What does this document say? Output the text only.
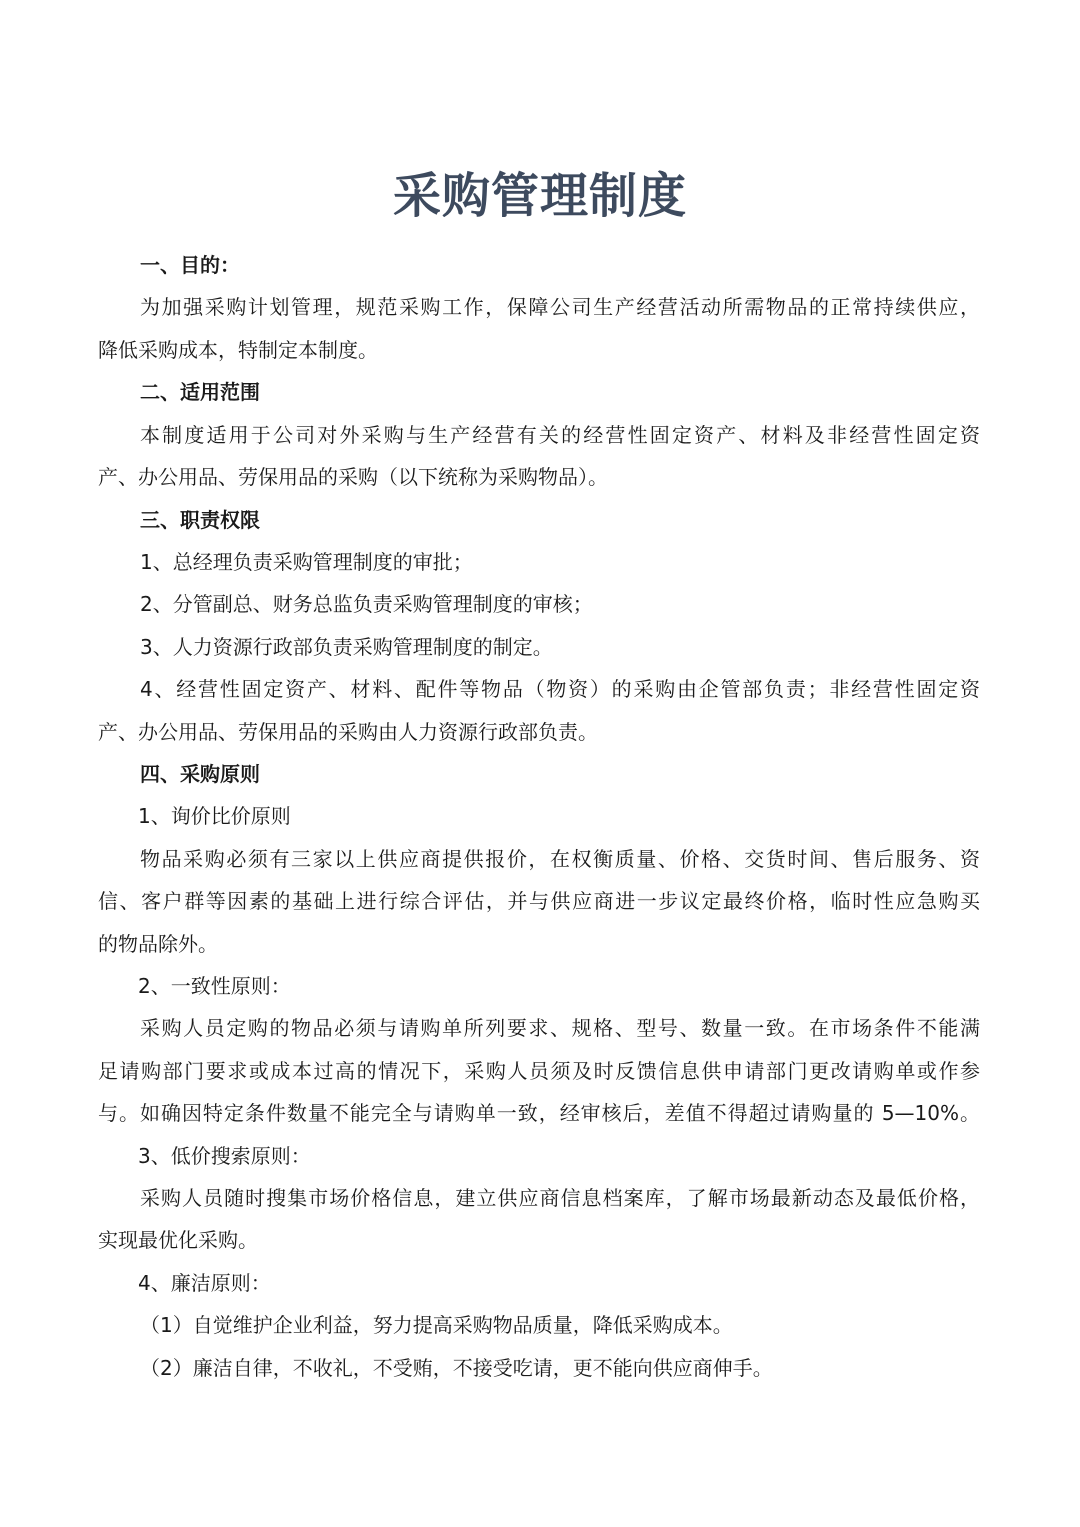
采购管理制度
一、目的：
为加强采购计划管理，规范采购工作，保障公司生产经营活动所需物品的正常持续供应，
降低采购成本，特制定本制度。
二、适用范围
本制度适用于公司对外采购与生产经营有关的经营性固定资产、材料及非经营性固定资
产、办公用品、劳保用品的采购（以下统称为采购物品）。
三、职责权限
1、总经理负责采购管理制度的审批；
2、分管副总、财务总监负责采购管理制度的审核；
3、人力资源行政部负责采购管理制度的制定。
4、经营性固定资产、材料、配件等物品（物资）的采购由企管部负责；非经营性固定资
产、办公用品、劳保用品的采购由人力资源行政部负责。
四、采购原则
1、询价比价原则
物品采购必须有三家以上供应商提供报价，在权衡质量、价格、交货时间、售后服务、资
信、客户群等因素的基础上进行综合评估，并与供应商进一步议定最终价格，临时性应急购买
的物品除外。
2、一致性原则：
采购人员定购的物品必须与请购单所列要求、规格、型号、数量一致。在市场条件不能满
足请购部门要求或成本过高的情况下，采购人员须及时反馈信息供申请部门更改请购单或作参
与。如确因特定条件数量不能完全与请购单一致，经审核后，差值不得超过请购量的 5—10%。
3、低价搜索原则：
采购人员随时搜集市场价格信息，建立供应商信息档案库，了解市场最新动态及最低价格，
实现最优化采购。
4、廉洁原则：
（1）自觉维护企业利益，努力提高采购物品质量，降低采购成本。
（2）廉洁自律，不收礼，不受贿，不接受吃请，更不能向供应商伸手。
